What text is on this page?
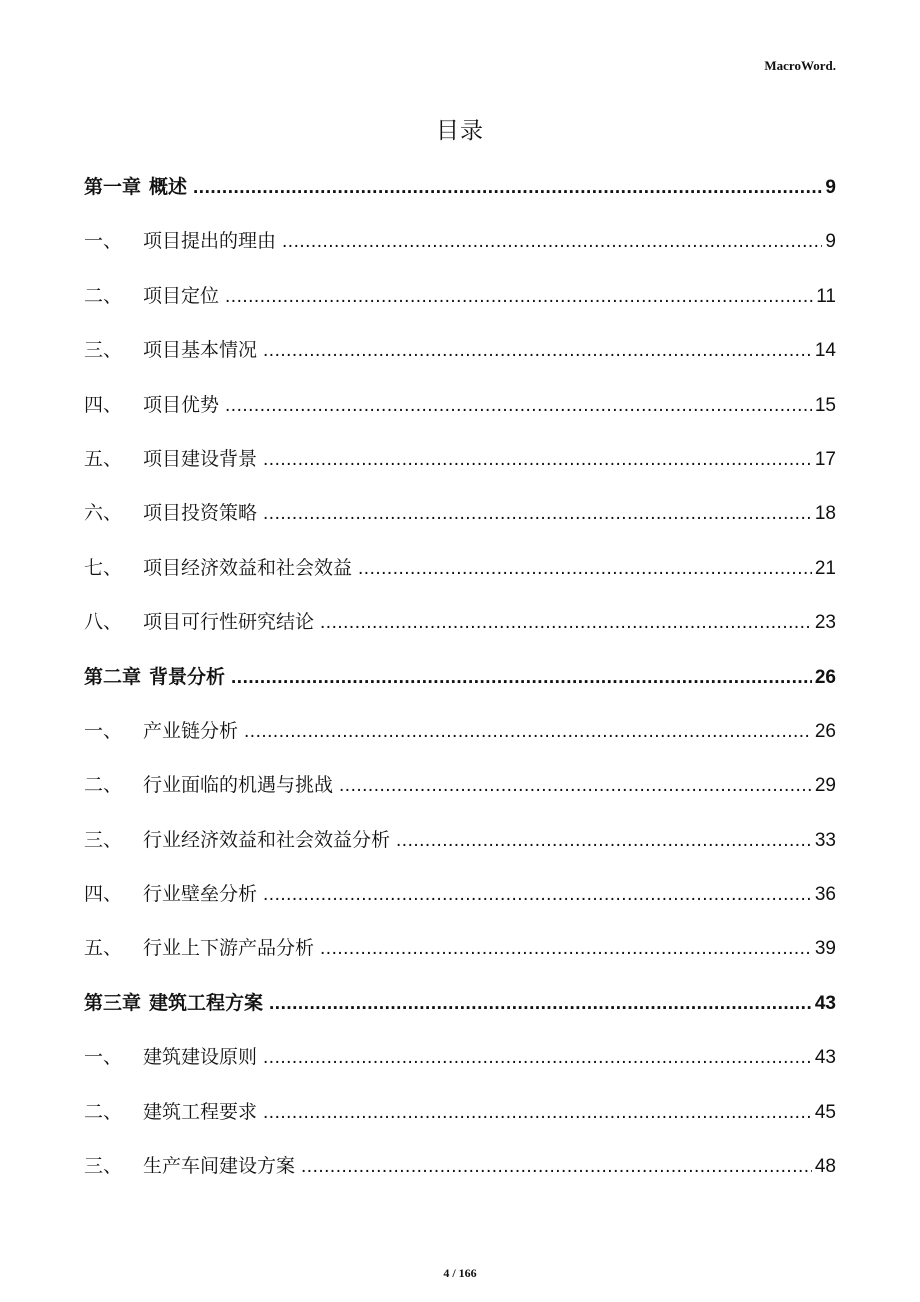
MacroWord.
目录
第一章 概述 .....	9
一、	项目提出的理由 .....	9
二、	项目定位 .....	11
三、	项目基本情况 .....	14
四、	项目优势 .....	15
五、	项目建设背景 .....	17
六、	项目投资策略 .....	18
七、	项目经济效益和社会效益 .....	21
八、	项目可行性研究结论 .....	23
第二章 背景分析 .....	26
一、	产业链分析 .....	26
二、	行业面临的机遇与挑战 .....	29
三、	行业经济效益和社会效益分析 .....	33
四、	行业壁垒分析 .....	36
五、	行业上下游产品分析 .....	39
第三章 建筑工程方案 .....	43
一、	建筑建设原则 .....	43
二、	建筑工程要求 .....	45
三、	生产车间建设方案 .....	48
4 / 166
